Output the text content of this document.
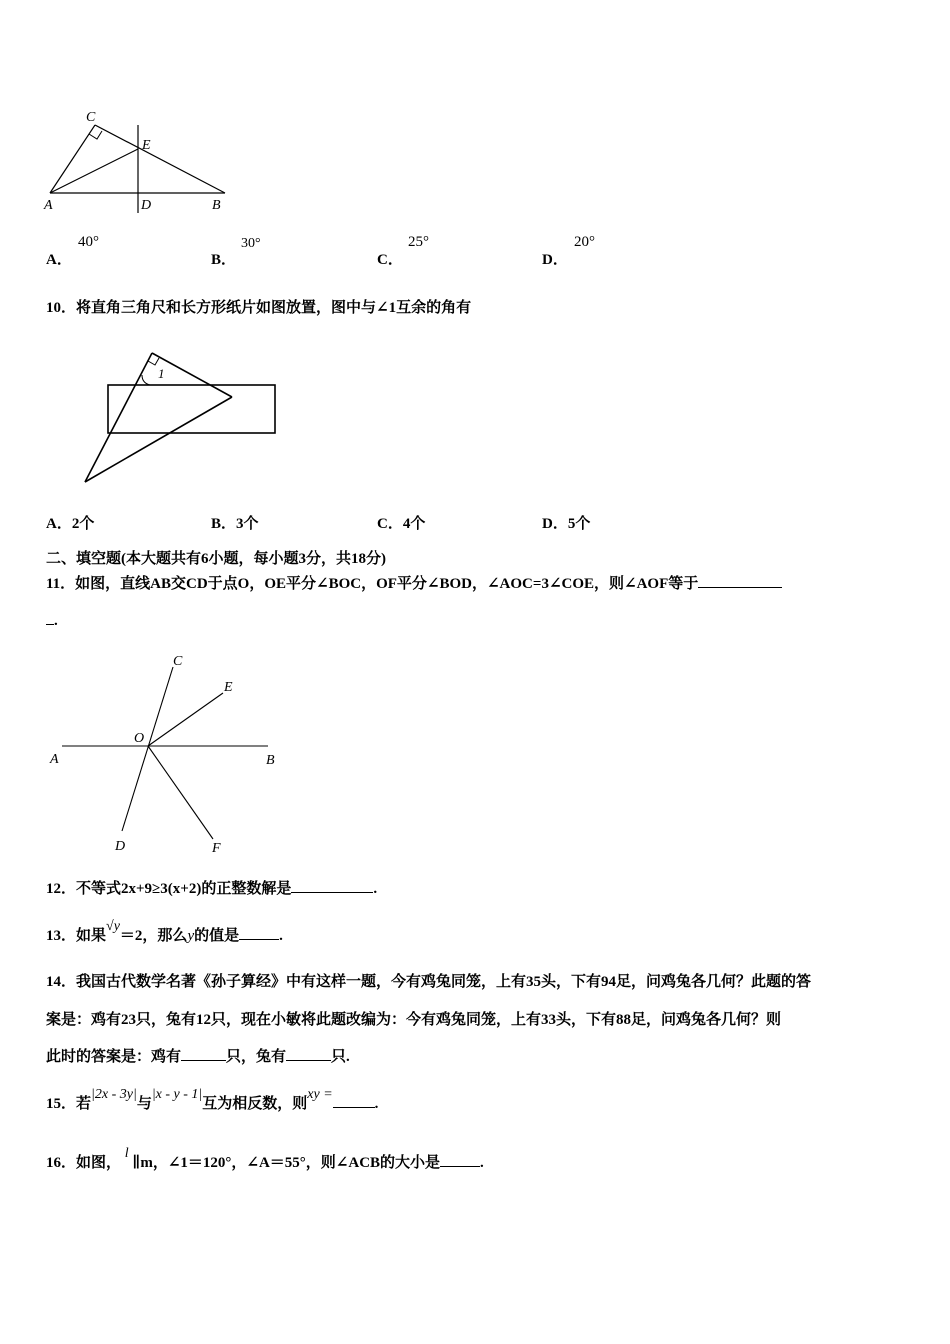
C
E
A	D	B
A．
40°
B．
30°
C．
25°
D．
20°
10．将直角三角尺和长方形纸片如图放置，图中与∠1互余的角有
1
A．2个	B．3个	C．4个	D．5个
二、填空题(本大题共有6小题，每小题3分，共18分)
11．如图，直线AB交CD于点O，OE平分∠BOC，OF平分∠BOD，∠AOC=3∠COE，则∠AOF等于
.
C
E
O
A	B
D	F
12．不等式2x+9≥3(x+2)的正整数解是	.
13．如果√y＝2，那么y的值是	.
14．我国古代数学名著《孙子算经》中有这样一题，今有鸡兔同笼，上有35头，下有94足，问鸡兔各几何？此题的答
案是：鸡有23只，兔有12只，现在小敏将此题改编为：今有鸡兔同笼，上有33头，下有88足，问鸡兔各几何？则
此时的答案是：鸡有	只，兔有	只.
15．若|2x - 3y|与|x - y - 1|互为相反数，则xy =.
16．如图， l ∥m，∠1＝120°，∠A＝55°，则∠ACB的大小是	.
